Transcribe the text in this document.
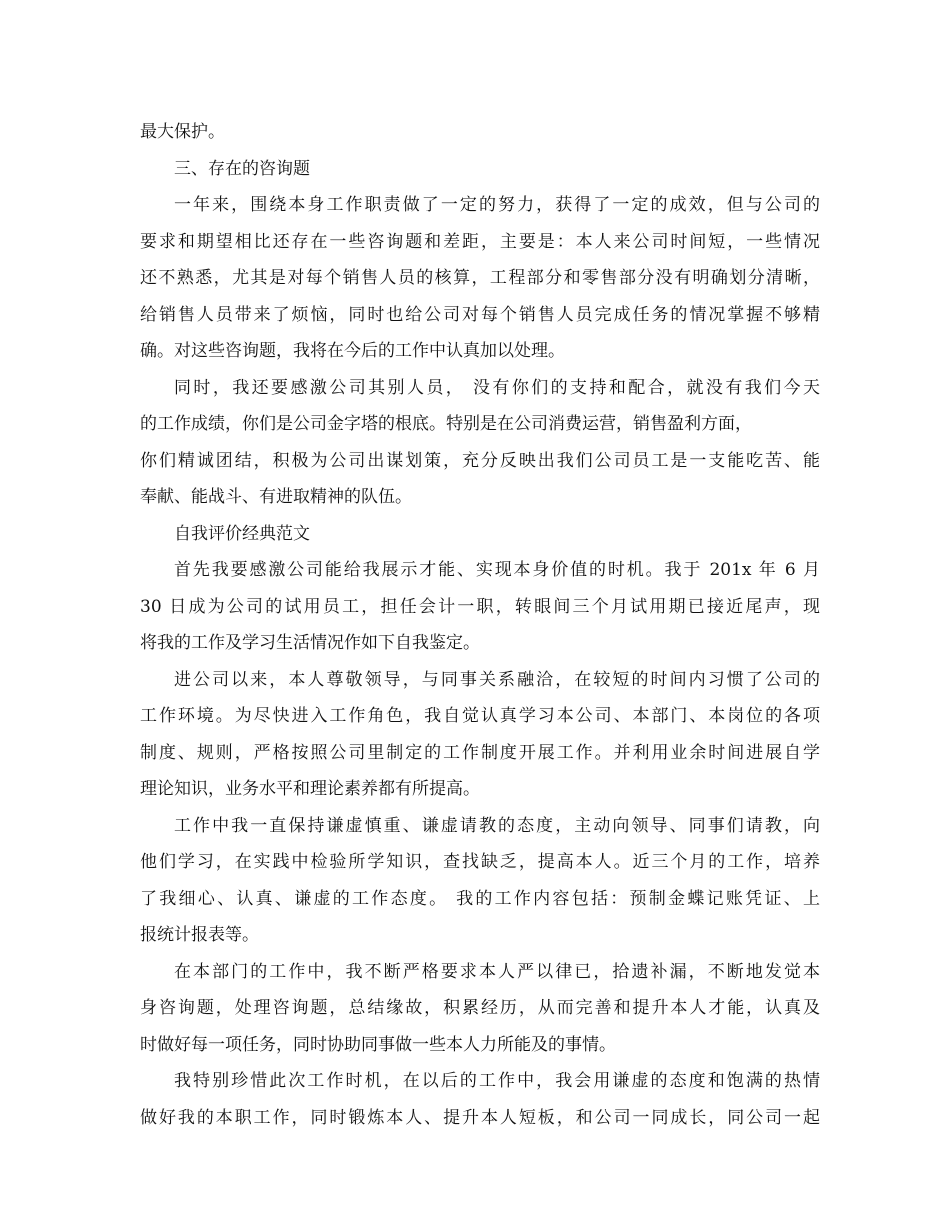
最大保护。
三、存在的咨询题
一年来，围绕本身工作职责做了一定的努力，获得了一定的成效，但与公司的
要求和期望相比还存在一些咨询题和差距，主要是：本人来公司时间短，一些情况
还不熟悉，尤其是对每个销售人员的核算，工程部分和零售部分没有明确划分清晰，
给销售人员带来了烦恼，同时也给公司对每个销售人员完成任务的情况掌握不够精
确。对这些咨询题，我将在今后的工作中认真加以处理。
同时，我还要感激公司其别人员， 没有你们的支持和配合，就没有我们今天
的工作成绩，你们是公司金字塔的根底。特别是在公司消费运营，销售盈利方面，
你们精诚团结，积极为公司出谋划策，充分反映出我们公司员工是一支能吃苦、能
奉献、能战斗、有进取精神的队伍。
自我评价经典范文
首先我要感激公司能给我展示才能、实现本身价值的时机。我于 201x 年 6 月
30 日成为公司的试用员工，担任会计一职，转眼间三个月试用期已接近尾声，现
将我的工作及学习生活情况作如下自我鉴定。
进公司以来，本人尊敬领导，与同事关系融洽，在较短的时间内习惯了公司的
工作环境。为尽快进入工作角色，我自觉认真学习本公司、本部门、本岗位的各项
制度、规则，严格按照公司里制定的工作制度开展工作。并利用业余时间进展自学
理论知识，业务水平和理论素养都有所提高。
工作中我一直保持谦虚慎重、谦虚请教的态度，主动向领导、同事们请教，向
他们学习，在实践中检验所学知识，查找缺乏，提高本人。近三个月的工作，培养
了我细心、认真、谦虚的工作态度。 我的工作内容包括：预制金蝶记账凭证、上
报统计报表等。
在本部门的工作中，我不断严格要求本人严以律已，拾遗补漏，不断地发觉本
身咨询题，处理咨询题，总结缘故，积累经历，从而完善和提升本人才能，认真及
时做好每一项任务，同时协助同事做一些本人力所能及的事情。
我特别珍惜此次工作时机，在以后的工作中，我会用谦虚的态度和饱满的热情
做好我的本职工作，同时锻炼本人、提升本人短板，和公司一同成长，同公司一起
